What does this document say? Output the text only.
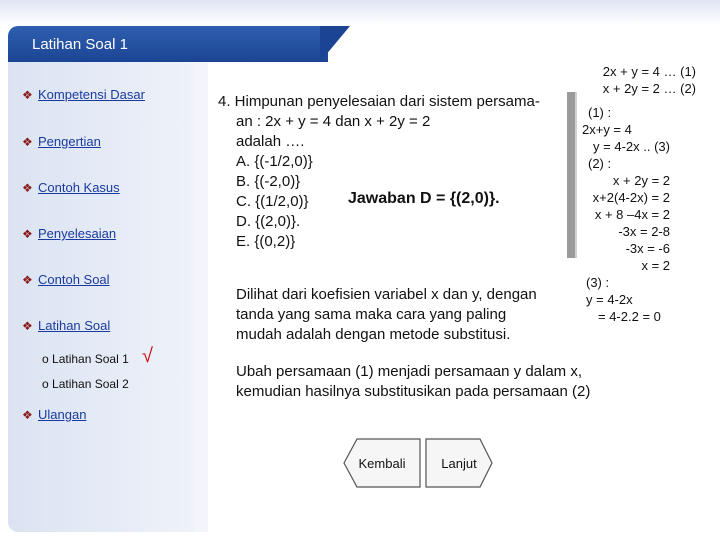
Latihan Soal 1
❖ Kompetensi Dasar
❖ Pengertian
❖ Contoh Kasus
❖ Penyelesaian
❖ Contoh Soal
❖ Latihan Soal
o Latihan Soal 1 √
o Latihan Soal 2
❖ Ulangan
4. Himpunan penyelesaian dari sistem persama-
an : 2x + y = 4 dan x + 2y = 2
adalah ….
A. {(-1/2,0)}
B. {(-2,0)}
C. {(1/2,0)}
D. {(2,0)}.
E. {(0,2)}
Jawaban D = {(2,0)}.
Dilihat dari koefisien variabel x dan y, dengan
tanda yang sama maka cara yang paling
mudah adalah dengan metode substitusi.
Ubah persamaan (1) menjadi persamaan y dalam x,
kemudian hasilnya substitusikan pada persamaan (2)
2x + y = 4 … (1)
x + 2y = 2 … (2)
(1) :
2x+y = 4
y = 4-2x .. (3)
(2) :
x + 2y = 2
x+2(4-2x) = 2
x + 8 –4x = 2
-3x = 2-8
-3x = -6
x = 2
(3) :
y = 4-2x
= 4-2.2 = 0
Kembali	Lanjut
